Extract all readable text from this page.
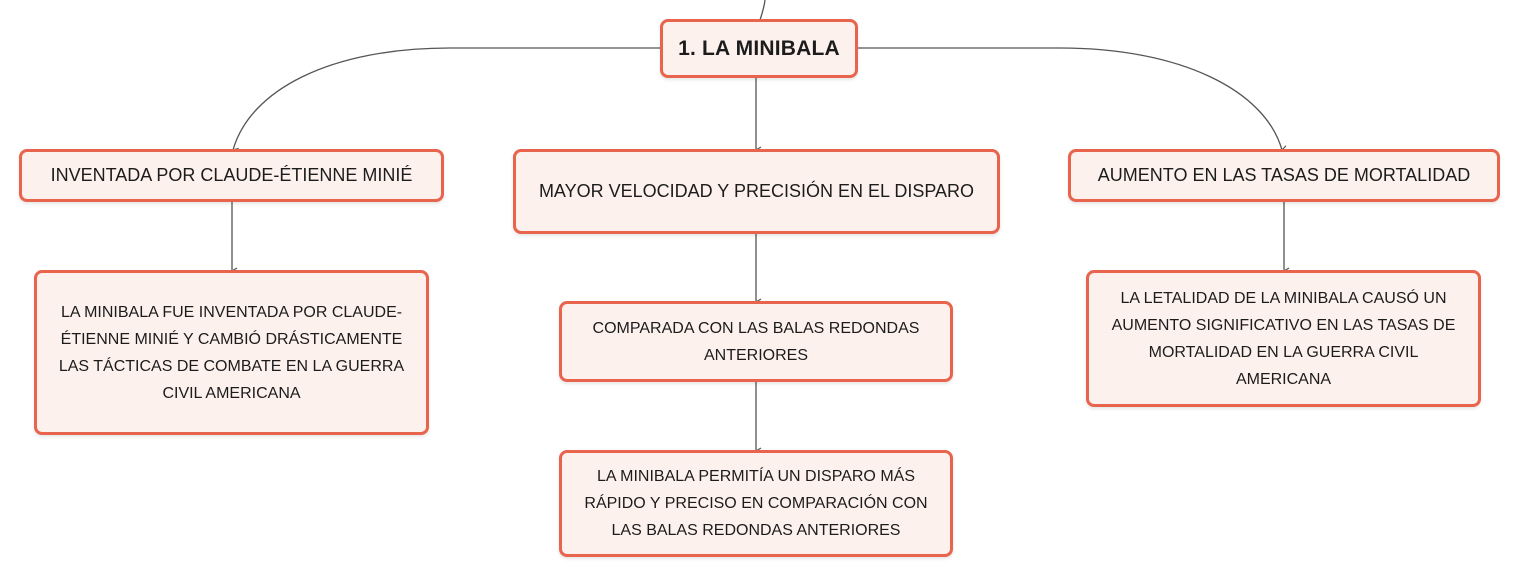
1. LA MINIBALA
INVENTADA POR CLAUDE-ÉTIENNE MINIÉ
MAYOR VELOCIDAD Y PRECISIÓN EN EL DISPARO
AUMENTO EN LAS TASAS DE MORTALIDAD
LA MINIBALA FUE INVENTADA POR CLAUDE-ÉTIENNE MINIÉ Y CAMBIÓ DRÁSTICAMENTE LAS TÁCTICAS DE COMBATE EN LA GUERRA CIVIL AMERICANA
COMPARADA CON LAS BALAS REDONDAS ANTERIORES
LA MINIBALA PERMITÍA UN DISPARO MÁS RÁPIDO Y PRECISO EN COMPARACIÓN CON LAS BALAS REDONDAS ANTERIORES
LA LETALIDAD DE LA MINIBALA CAUSÓ UN AUMENTO SIGNIFICATIVO EN LAS TASAS DE MORTALIDAD EN LA GUERRA CIVIL AMERICANA
